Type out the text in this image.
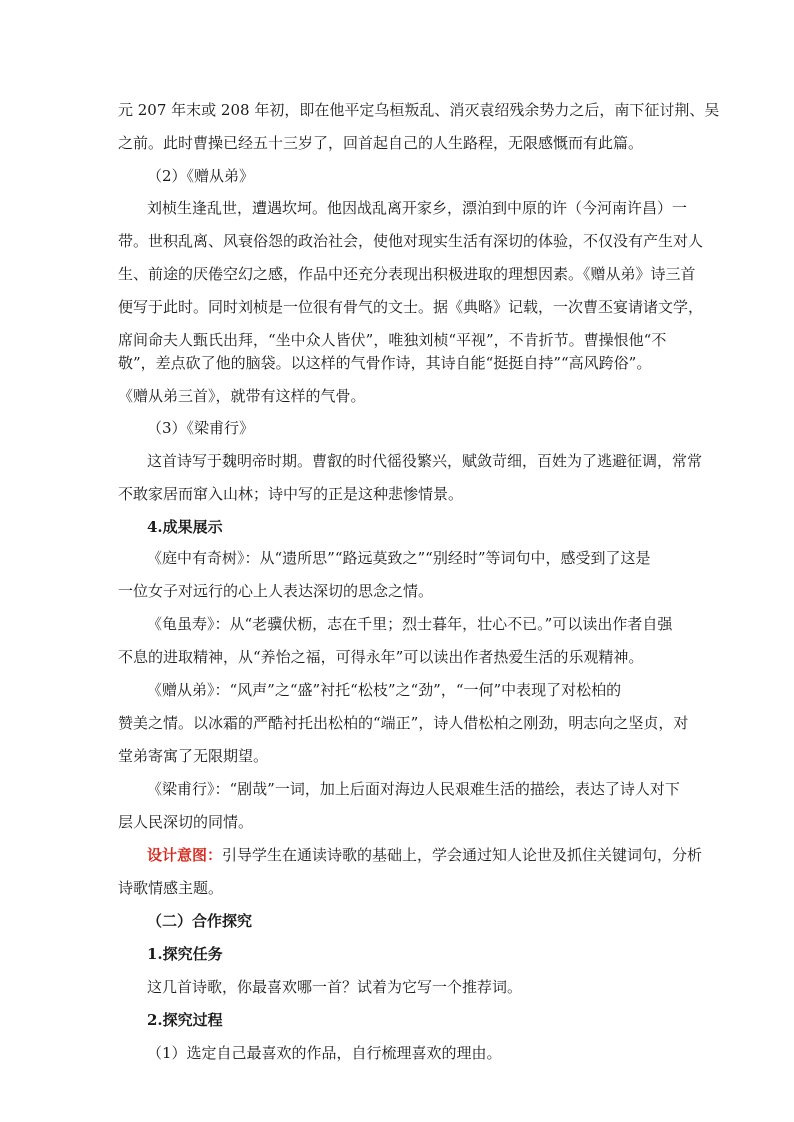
元 207 年末或 208 年初，即在他平定乌桓叛乱、消灭袁绍残余势力之后，南下征讨荆、吴
之前。此时曹操已经五十三岁了，回首起自己的人生路程，无限感慨而有此篇。
（2）《赠从弟》
刘桢生逢乱世，遭遇坎坷。他因战乱离开家乡，漂泊到中原的许（今河南许昌）一
带。世积乱离、风衰俗怨的政治社会，使他对现实生活有深切的体验，不仅没有产生对人
生、前途的厌倦空幻之感，作品中还充分表现出积极进取的理想因素。《赠从弟》诗三首
便写于此时。同时刘桢是一位很有骨气的文士。据《典略》记载，一次曹丕宴请诸文学，
席间命夫人甄氏出拜，“坐中众人皆伏”，唯独刘桢“平视”，不肯折节。曹操恨他“不
敬”，差点砍了他的脑袋。以这样的气骨作诗，其诗自能“挺挺自持”“高风跨俗”。
《赠从弟三首》，就带有这样的气骨。
（3）《梁甫行》
这首诗写于魏明帝时期。曹叡的时代徭役繁兴，赋敛苛细，百姓为了逃避征调，常常
不敢家居而窜入山林；诗中写的正是这种悲惨情景。
4.成果展示
《庭中有奇树》：从“遗所思”“路远莫致之”“别经时”等词句中，感受到了这是
一位女子对远行的心上人表达深切的思念之情。
《龟虽寿》：从“老骥伏枥，志在千里；烈士暮年，壮心不已。”可以读出作者自强
不息的进取精神，从“养怡之福，可得永年”可以读出作者热爱生活的乐观精神。
《赠从弟》：“风声”之“盛”衬托“松枝”之“劲”，“一何”中表现了对松柏的
赞美之情。以冰霜的严酷衬托出松柏的“端正”，诗人借松柏之刚劲，明志向之坚贞，对
堂弟寄寓了无限期望。
《梁甫行》：“剧哉”一词，加上后面对海边人民艰难生活的描绘，表达了诗人对下
层人民深切的同情。
设计意图：引导学生在通读诗歌的基础上，学会通过知人论世及抓住关键词句，分析
诗歌情感主题。
（二）合作探究
1.探究任务
这几首诗歌，你最喜欢哪一首？试着为它写一个推荐词。
2.探究过程
（1）选定自己最喜欢的作品，自行梳理喜欢的理由。
